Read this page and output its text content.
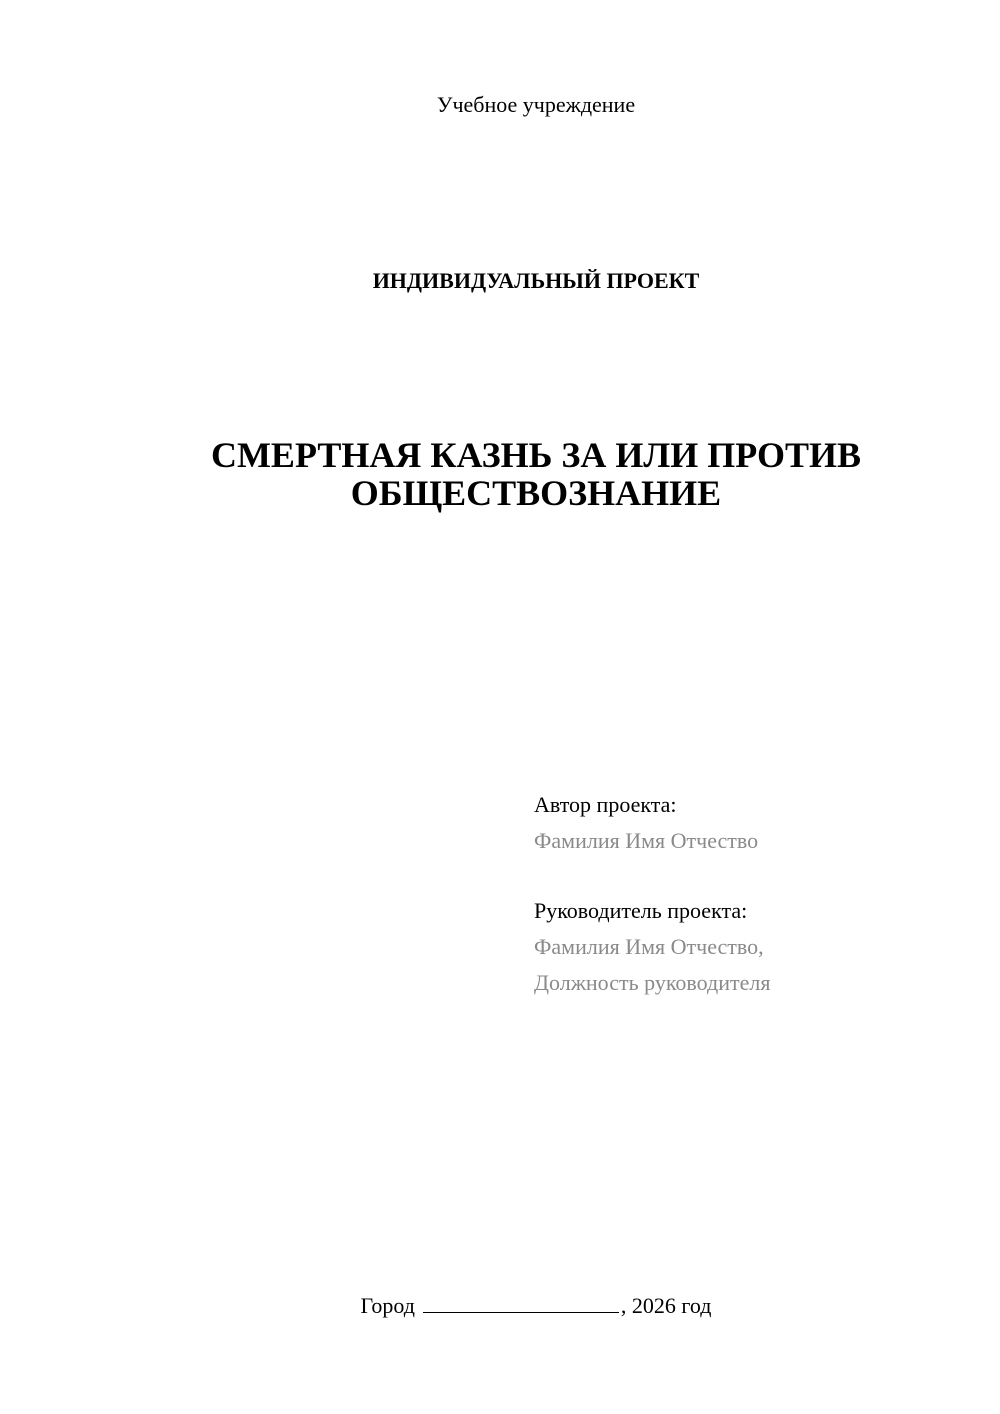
Учебное учреждение
ИНДИВИДУАЛЬНЫЙ ПРОЕКТ
СМЕРТНАЯ КАЗНЬ ЗА ИЛИ ПРОТИВ
ОБЩЕСТВОЗНАНИЕ
Автор проекта:
Фамилия Имя Отчество
Руководитель проекта:
Фамилия Имя Отчество,
Должность руководителя
Город	, 2026 год
